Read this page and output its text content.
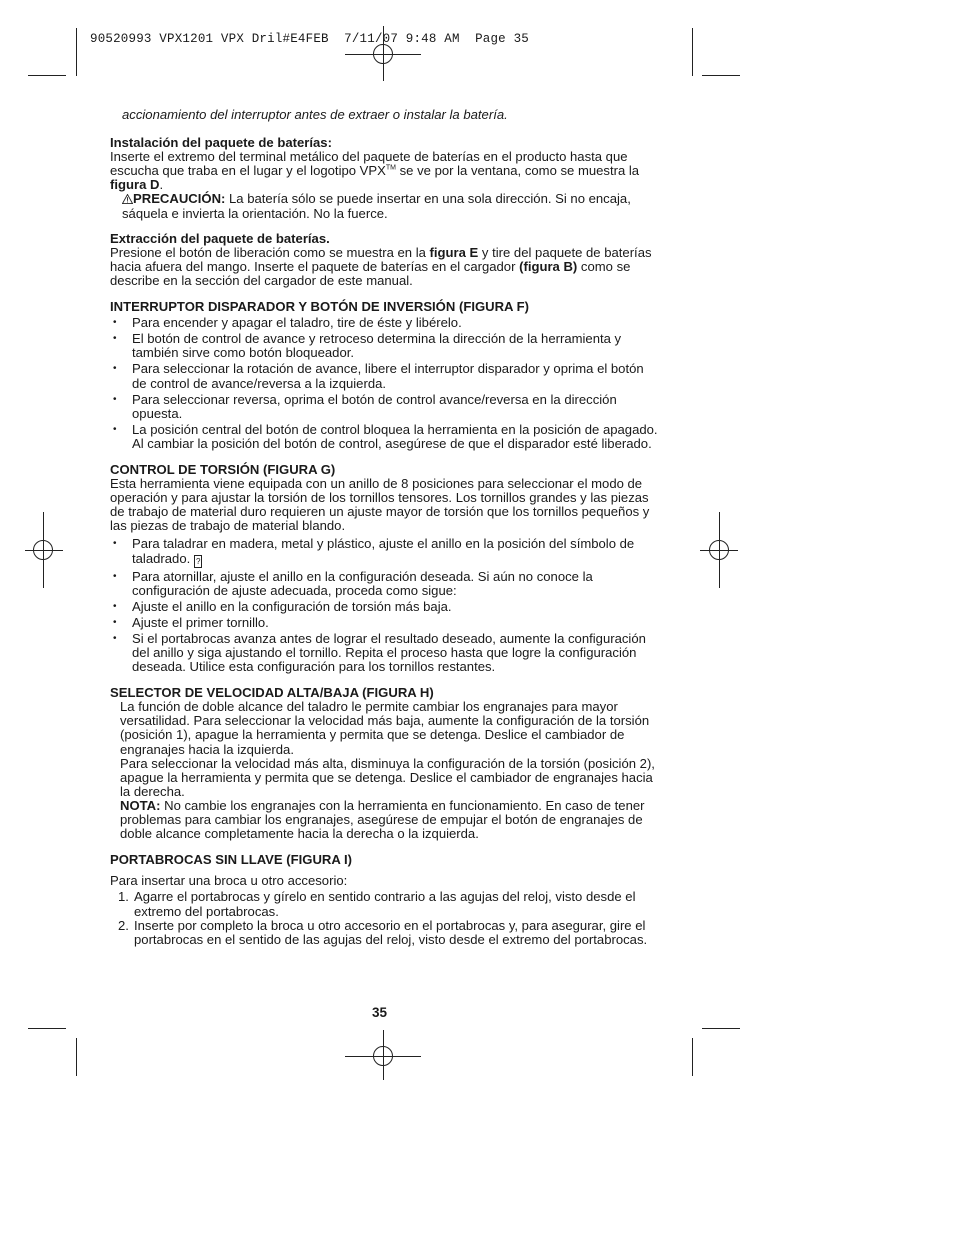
90520993 VPX1201 VPX Dril#E4FEB  7/11/07 9:48 AM  Page 35

accionamiento del interruptor antes de extraer o instalar la batería.

Instalación del paquete de baterías:

Inserte el extremo del terminal metálico del paquete de baterías en el producto hasta que escucha que traba en el lugar y el logotipo VPX™ se ve por la ventana, como se muestra la figura D.

PRECAUCIÓN: La batería sólo se puede insertar en una sola dirección. Si no encaja, sáquela e invierta la orientación. No la fuerce.

Extracción del paquete de baterías.

Presione el botón de liberación como se muestra en la figura E y tire del paquete de baterías hacia afuera del mango. Inserte el paquete de baterías en el cargador (figura B) como se describe en la sección del cargador de este manual.

INTERRUPTOR DISPARADOR Y BOTÓN DE INVERSIÓN (FIGURA F)

• Para encender y apagar el taladro, tire de éste y libérelo.
• El botón de control de avance y retroceso determina la dirección de la herramienta y también sirve como botón bloqueador.
• Para seleccionar la rotación de avance, libere el interruptor disparador y oprima el botón de control de avance/reversa a la izquierda.
• Para seleccionar reversa, oprima el botón de control avance/reversa en la dirección opuesta.
• La posición central del botón de control bloquea la herramienta en la posición de apagado. Al cambiar la posición del botón de control, asegúrese de que el disparador esté liberado.

CONTROL DE TORSIÓN (FIGURA G)

Esta herramienta viene equipada con un anillo de 8 posiciones para seleccionar el modo de operación y para ajustar la torsión de los tornillos tensores. Los tornillos grandes y las piezas de trabajo de material duro requieren un ajuste mayor de torsión que los tornillos pequeños y las piezas de trabajo de material blando.

• Para taladrar en madera, metal y plástico, ajuste el anillo en la posición del símbolo de taladrado. ?
• Para atornillar, ajuste el anillo en la configuración deseada. Si aún no conoce la configuración de ajuste adecuada, proceda como sigue:
• Ajuste el anillo en la configuración de torsión más baja.
• Ajuste el primer tornillo.
• Si el portabrocas avanza antes de lograr el resultado deseado, aumente la configuración del anillo y siga ajustando el tornillo. Repita el proceso hasta que logre la configuración deseada. Utilice esta configuración para los tornillos restantes.

SELECTOR DE VELOCIDAD ALTA/BAJA (FIGURA H)

La función de doble alcance del taladro le permite cambiar los engranajes para mayor versatilidad. Para seleccionar la velocidad más baja, aumente la configuración de la torsión (posición 1), apague la herramienta y permita que se detenga. Deslice el cambiador de engranajes hacia la izquierda.

Para seleccionar la velocidad más alta, disminuya la configuración de la torsión (posición 2), apague la herramienta y permita que se detenga. Deslice el cambiador de engranajes hacia la derecha.

NOTA: No cambie los engranajes con la herramienta en funcionamiento. En caso de tener problemas para cambiar los engranajes, asegúrese de empujar el botón de engranajes de doble alcance completamente hacia la derecha o la izquierda.

PORTABROCAS SIN LLAVE (FIGURA I)

Para insertar una broca u otro accesorio:

1. Agarre el portabrocas y gírelo en sentido contrario a las agujas del reloj, visto desde el extremo del portabrocas.
2. Inserte por completo la broca u otro accesorio en el portabrocas y, para asegurar, gire el portabrocas en el sentido de las agujas del reloj, visto desde el extremo del portabrocas.
35
